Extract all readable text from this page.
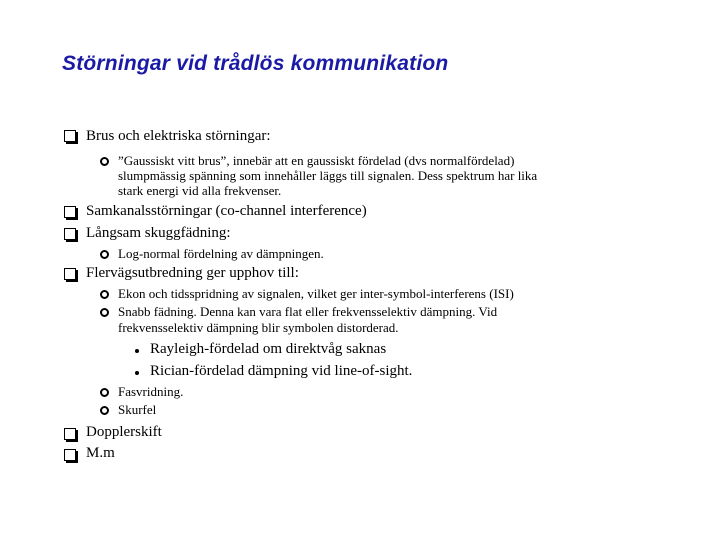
Störningar vid trådlös kommunikation
Brus och elektriska störningar:
”Gaussiskt vitt brus”, innebär att en gaussiskt fördelad (dvs normalfördelad)
slumpmässig spänning som innehåller läggs till signalen. Dess spektrum har lika
stark energi vid alla frekvenser.
Samkanalsstörningar (co-channel interference)
Långsam skuggfädning:
Log-normal fördelning av dämpningen.
Flervägsutbredning ger upphov till:
Ekon och tidsspridning av signalen, vilket ger inter-symbol-interferens (ISI)
Snabb fädning. Denna kan vara flat eller frekvensselektiv dämpning. Vid
frekvensselektiv dämpning blir symbolen distorderad.
Rayleigh-fördelad om direktvåg saknas
Rician-fördelad dämpning vid line-of-sight.
Fasvridning.
Skurfel
Dopplerskift
M.m
